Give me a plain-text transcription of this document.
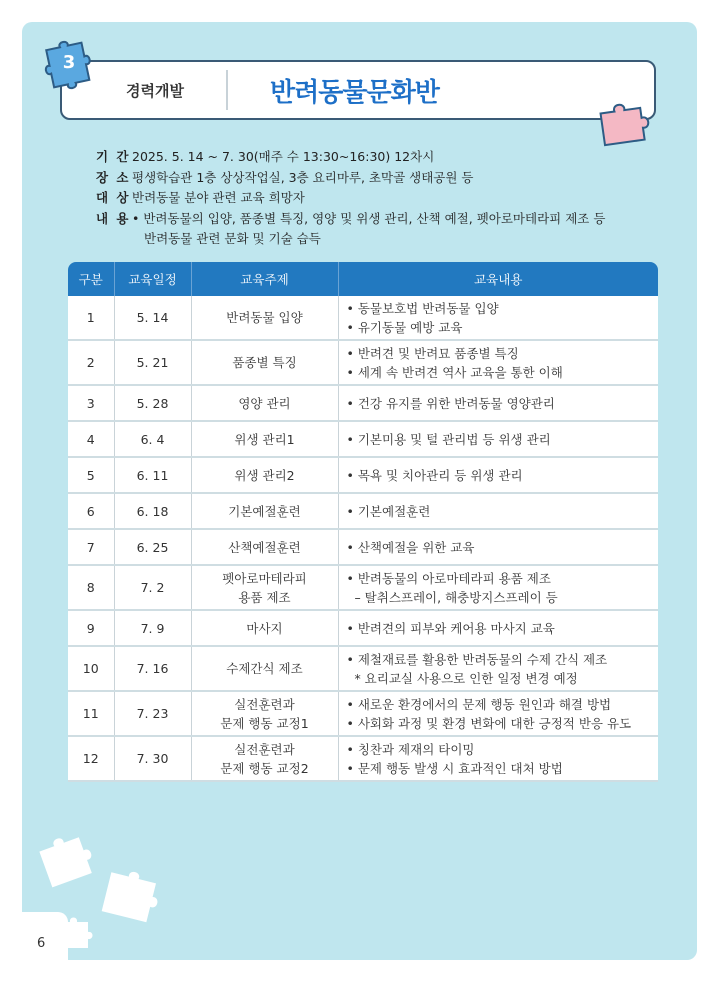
경력개발	반려동물문화반
3
기 간 2025. 5. 14 ~ 7. 30(매주 수 13:30~16:30) 12차시
장 소 평생학습관 1층 상상작업실, 3층 요리마루, 초막골 생태공원 등
대 상 반려동물 분야 관련 교육 희망자
내 용 • 반려동물의 입양, 품종별 특징, 영양 및 위생 관리, 산책 예절, 펫아로마테라피 제조 등
반려동물 관련 문화 및 기술 습득
구분	교육일정	교육주제	교육내용
1	5. 14	반려동물 입양	• 동물보호법 반려동물 입양
• 유기동물 예방 교육

2	5. 21	품종별 특징	• 반려견 및 반려묘 품종별 특징
• 세계 속 반려견 역사 교육을 통한 이해

3	5. 28	영양 관리	• 건강 유지를 위한 반려동물 영양관리

4	6. 4	위생 관리1	• 기본미용 및 털 관리법 등 위생 관리

5	6. 11	위생 관리2	• 목욕 및 치아관리 등 위생 관리

6	6. 18	기본예절훈련	• 기본예절훈련

7	6. 25	산책예절훈련	• 산책예절을 위한 교육

8	7. 2	펫아로마테라피
용품 제조	• 반려동물의 아로마테라피 용품 제조
– 탈취스프레이, 해충방지스프레이 등

9	7. 9	마사지	• 반려견의 피부와 케어용 마사지 교육

10	7. 16	수제간식 제조	• 제철재료를 활용한 반려동물의 수제 간식 제조
* 요리교실 사용으로 인한 일정 변경 예정

11	7. 23	실전훈련과
문제 행동 교정1	• 새로운 환경에서의 문제 행동 원인과 해결 방법
• 사회화 과정 및 환경 변화에 대한 긍정적 반응 유도

12	7. 30	실전훈련과
문제 행동 교정2	• 칭찬과 제재의 타이밍
• 문제 행동 발생 시 효과적인 대처 방법
6
